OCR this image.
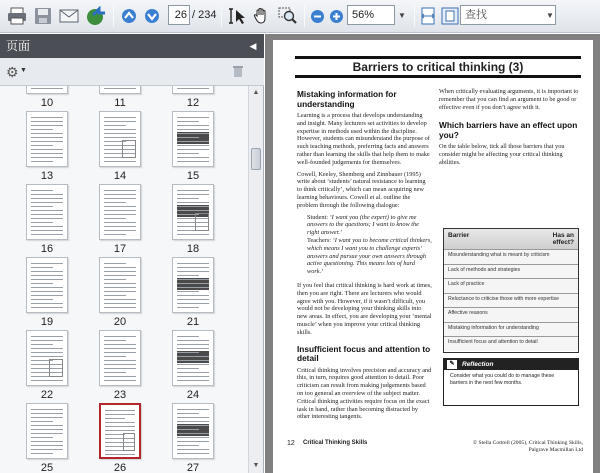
26 / 234	56%	▼	查找	▼
页面	◀
⚙ ▼
10	11	12
13	14	15
16	17	18
19	20	21
22	23	24
25	26	27
▲
▼
Barriers to critical thinking (3)
Mistaking information for understanding
Learning is a process that develops understanding and insight. Many lecturers set activities to develop expertise in methods used within the discipline. However, students can misunderstand the purpose of such teaching methods, preferring facts and answers rather than learning the skills that help them to make well-founded judgements for themselves.
Cowell, Keeley, Shemberg and Zinnbauer (1995) write about ‘students’ natural resistance to learning to think critically’, which can mean acquiring new learning behaviours. Cowell et al. outline the problem through the following dialogue:
Student: ‘I want you (the expert) to give me answers to the questions; I want to know the right answer.’
Teachers: ‘I want you to become critical thinkers, which means I want you to challenge experts’ answers and pursue your own answers through active questioning. This means lots of hard work.’
If you feel that critical thinking is hard work at times, then you are right. There are lecturers who would agree with you. However, if it wasn’t difficult, you would not be developing your thinking skills into new areas. In effect, you are developing your ‘mental muscle’ when you improve your critical thinking skills.
Insufficient focus and attention to detail
Critical thinking involves precision and accuracy and this, in turn, requires good attention to detail. Poor criticism can result from making judgements based on too general an overview of the subject matter. Critical thinking activities require focus on the exact task in hand, rather than becoming distracted by other interesting tangents.
When critically evaluating arguments, it is important to remember that you can find an argument to be good or effective even if you don’t agree with it.
Which barriers have an effect upon you?
On the table below, tick all those barriers that you consider might be affecting your critical thinking abilities.
Barrier	Has an effect?
Misunderstanding what is meant by criticism
Lack of methods and strategies
Lack of practice
Reluctance to criticise those with more expertise
Affective reasons
Mistaking information for understanding
Insufficient focus and attention to detail
✎	Reflection
Consider what you could do to manage these barriers in the next few months.
12 Critical Thinking Skills	© Stella Cottrell (2005), Critical Thinking Skills, Palgrave Macmillan Ltd
